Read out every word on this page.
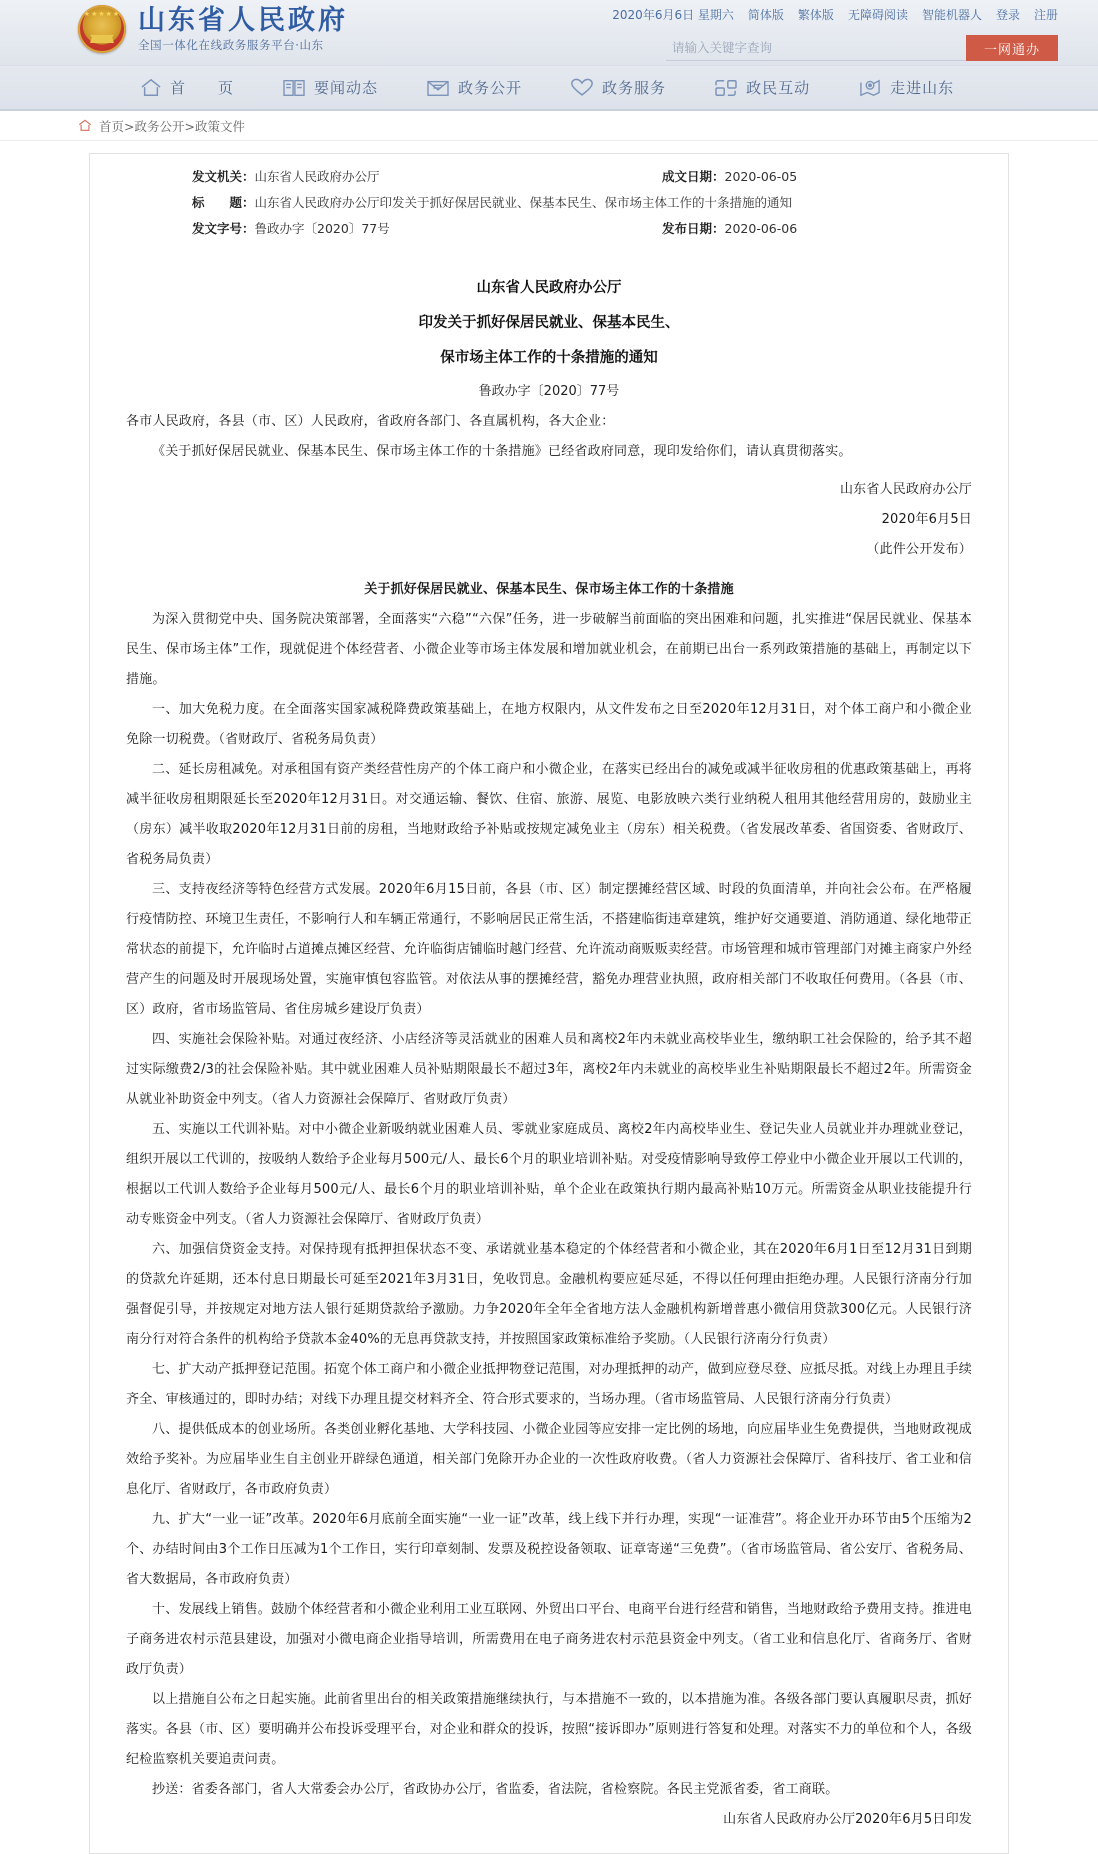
★★★★★ 山东省人民政府
全国一体化在线政务服务平台·山东
2020年6月6日 星期六 简体版 繁体版 无障碍阅读 智能机器人 登录 注册
请输入关键字查询
一网通办
首　　页	要闻动态	政务公开	政务服务	政民互动	走进山东
首页>政务公开>政策文件
发文机关： 山东省人民政府办公厅	成文日期： 2020-06-05
标　　题： 山东省人民政府办公厅印发关于抓好保居民就业、保基本民生、保市场主体工作的十条措施的通知
发文字号： 鲁政办字〔2020〕77号	发布日期： 2020-06-06
山东省人民政府办公厅
印发关于抓好保居民就业、保基本民生、
保市场主体工作的十条措施的通知
鲁政办字〔2020〕77号

各市人民政府，各县（市、区）人民政府，省政府各部门、各直属机构，各大企业：

《关于抓好保居民就业、保基本民生、保市场主体工作的十条措施》已经省政府同意，现印发给你们，请认真贯彻落实。

山东省人民政府办公厅

2020年6月5日

（此件公开发布）

关于抓好保居民就业、保基本民生、保市场主体工作的十条措施

为深入贯彻党中央、国务院决策部署，全面落实“六稳”“六保”任务，进一步破解当前面临的突出困难和问题，扎实推进“保居民就业、保基本民生、保市场主体”工作，现就促进个体经营者、小微企业等市场主体发展和增加就业机会，在前期已出台一系列政策措施的基础上，再制定以下措施。

一、加大免税力度。在全面落实国家减税降费政策基础上，在地方权限内，从文件发布之日至2020年12月31日，对个体工商户和小微企业免除一切税费。（省财政厅、省税务局负责）

二、延长房租减免。对承租国有资产类经营性房产的个体工商户和小微企业，在落实已经出台的减免或减半征收房租的优惠政策基础上，再将减半征收房租期限延长至2020年12月31日。对交通运输、餐饮、住宿、旅游、展览、电影放映六类行业纳税人租用其他经营用房的，鼓励业主（房东）减半收取2020年12月31日前的房租，当地财政给予补贴或按规定减免业主（房东）相关税费。（省发展改革委、省国资委、省财政厅、省税务局负责）

三、支持夜经济等特色经营方式发展。2020年6月15日前，各县（市、区）制定摆摊经营区域、时段的负面清单，并向社会公布。在严格履行疫情防控、环境卫生责任，不影响行人和车辆正常通行，不影响居民正常生活，不搭建临街违章建筑，维护好交通要道、消防通道、绿化地带正常状态的前提下，允许临时占道摊点摊区经营、允许临街店铺临时越门经营、允许流动商贩贩卖经营。市场管理和城市管理部门对摊主商家户外经营产生的问题及时开展现场处置，实施审慎包容监管。对依法从事的摆摊经营，豁免办理营业执照，政府相关部门不收取任何费用。（各县（市、区）政府，省市场监管局、省住房城乡建设厅负责）

四、实施社会保险补贴。对通过夜经济、小店经济等灵活就业的困难人员和离校2年内未就业高校毕业生，缴纳职工社会保险的，给予其不超过实际缴费2/3的社会保险补贴。其中就业困难人员补贴期限最长不超过3年，离校2年内未就业的高校毕业生补贴期限最长不超过2年。所需资金从就业补助资金中列支。（省人力资源社会保障厅、省财政厅负责）

五、实施以工代训补贴。对中小微企业新吸纳就业困难人员、零就业家庭成员、离校2年内高校毕业生、登记失业人员就业并办理就业登记，组织开展以工代训的，按吸纳人数给予企业每月500元/人、最长6个月的职业培训补贴。对受疫情影响导致停工停业中小微企业开展以工代训的，根据以工代训人数给予企业每月500元/人、最长6个月的职业培训补贴，单个企业在政策执行期内最高补贴10万元。所需资金从职业技能提升行动专账资金中列支。（省人力资源社会保障厅、省财政厅负责）

六、加强信贷资金支持。对保持现有抵押担保状态不变、承诺就业基本稳定的个体经营者和小微企业，其在2020年6月1日至12月31日到期的贷款允许延期，还本付息日期最长可延至2021年3月31日，免收罚息。金融机构要应延尽延，不得以任何理由拒绝办理。人民银行济南分行加强督促引导，并按规定对地方法人银行延期贷款给予激励。力争2020年全年全省地方法人金融机构新增普惠小微信用贷款300亿元。人民银行济南分行对符合条件的机构给予贷款本金40%的无息再贷款支持，并按照国家政策标准给予奖励。（人民银行济南分行负责）

七、扩大动产抵押登记范围。拓宽个体工商户和小微企业抵押物登记范围，对办理抵押的动产，做到应登尽登、应抵尽抵。对线上办理且手续齐全、审核通过的，即时办结；对线下办理且提交材料齐全、符合形式要求的，当场办理。（省市场监管局、人民银行济南分行负责）

八、提供低成本的创业场所。各类创业孵化基地、大学科技园、小微企业园等应安排一定比例的场地，向应届毕业生免费提供，当地财政视成效给予奖补。为应届毕业生自主创业开辟绿色通道，相关部门免除开办企业的一次性政府收费。（省人力资源社会保障厅、省科技厅、省工业和信息化厅、省财政厅，各市政府负责）

九、扩大“一业一证”改革。2020年6月底前全面实施“一业一证”改革，线上线下并行办理，实现“一证准营”。将企业开办环节由5个压缩为2个、办结时间由3个工作日压减为1个工作日，实行印章刻制、发票及税控设备领取、证章寄递“三免费”。（省市场监管局、省公安厅、省税务局、省大数据局，各市政府负责）

十、发展线上销售。鼓励个体经营者和小微企业利用工业互联网、外贸出口平台、电商平台进行经营和销售，当地财政给予费用支持。推进电子商务进农村示范县建设，加强对小微电商企业指导培训，所需费用在电子商务进农村示范县资金中列支。（省工业和信息化厅、省商务厅、省财政厅负责）

以上措施自公布之日起实施。此前省里出台的相关政策措施继续执行，与本措施不一致的，以本措施为准。各级各部门要认真履职尽责，抓好落实。各县（市、区）要明确并公布投诉受理平台，对企业和群众的投诉，按照“接诉即办”原则进行答复和处理。对落实不力的单位和个人，各级纪检监察机关要追责问责。

抄送：省委各部门，省人大常委会办公厅，省政协办公厅，省监委，省法院，省检察院。各民主党派省委，省工商联。

山东省人民政府办公厅2020年6月5日印发
